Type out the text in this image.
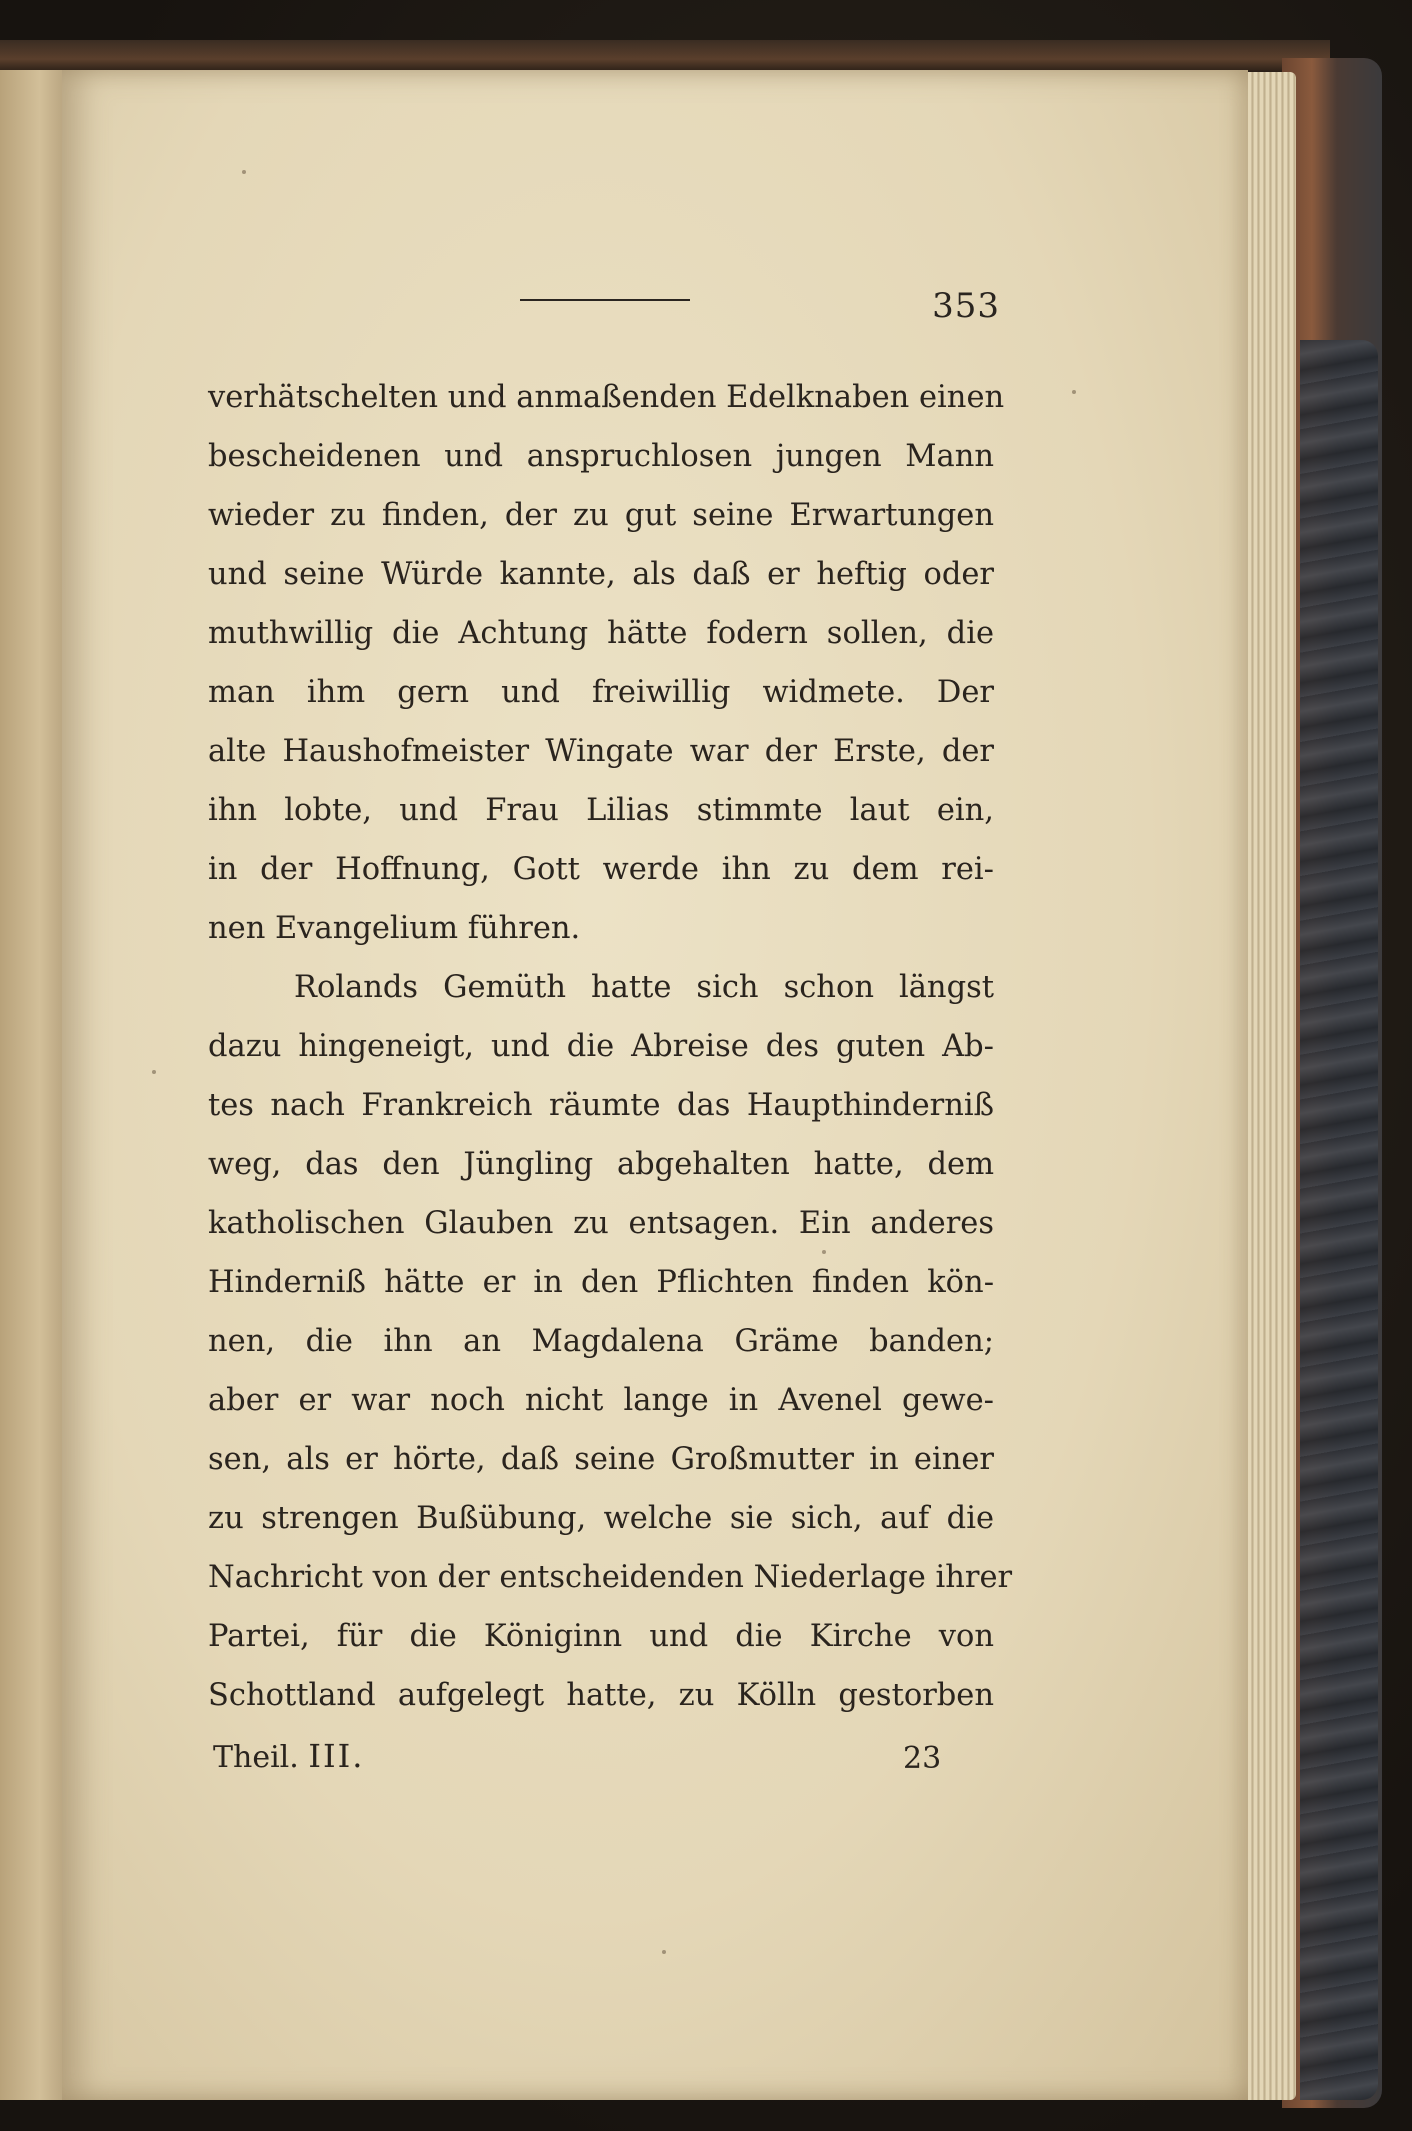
353
verhätschelten und anmaßenden Edelknaben einen
bescheidenen und anspruchlosen jungen Mann
wieder zu finden, der zu gut seine Erwartungen
und seine Würde kannte, als daß er heftig oder
muthwillig die Achtung hätte fodern sollen, die
man ihm gern und freiwillig widmete. Der
alte Haushofmeister Wingate war der Erste, der
ihn lobte, und Frau Lilias stimmte laut ein,
in der Hoffnung, Gott werde ihn zu dem rei-
nen Evangelium führen.
Rolands Gemüth hatte sich schon längst
dazu hingeneigt, und die Abreise des guten Ab-
tes nach Frankreich räumte das Haupthinderniß
weg, das den Jüngling abgehalten hatte, dem
katholischen Glauben zu entsagen. Ein anderes
Hinderniß hätte er in den Pflichten finden kön-
nen, die ihn an Magdalena Gräme banden;
aber er war noch nicht lange in Avenel gewe-
sen, als er hörte, daß seine Großmutter in einer
zu strengen Bußübung, welche sie sich, auf die
Nachricht von der entscheidenden Niederlage ihrer
Partei, für die Königinn und die Kirche von
Schottland aufgelegt hatte, zu Kölln gestorben
Theil. III.	23
